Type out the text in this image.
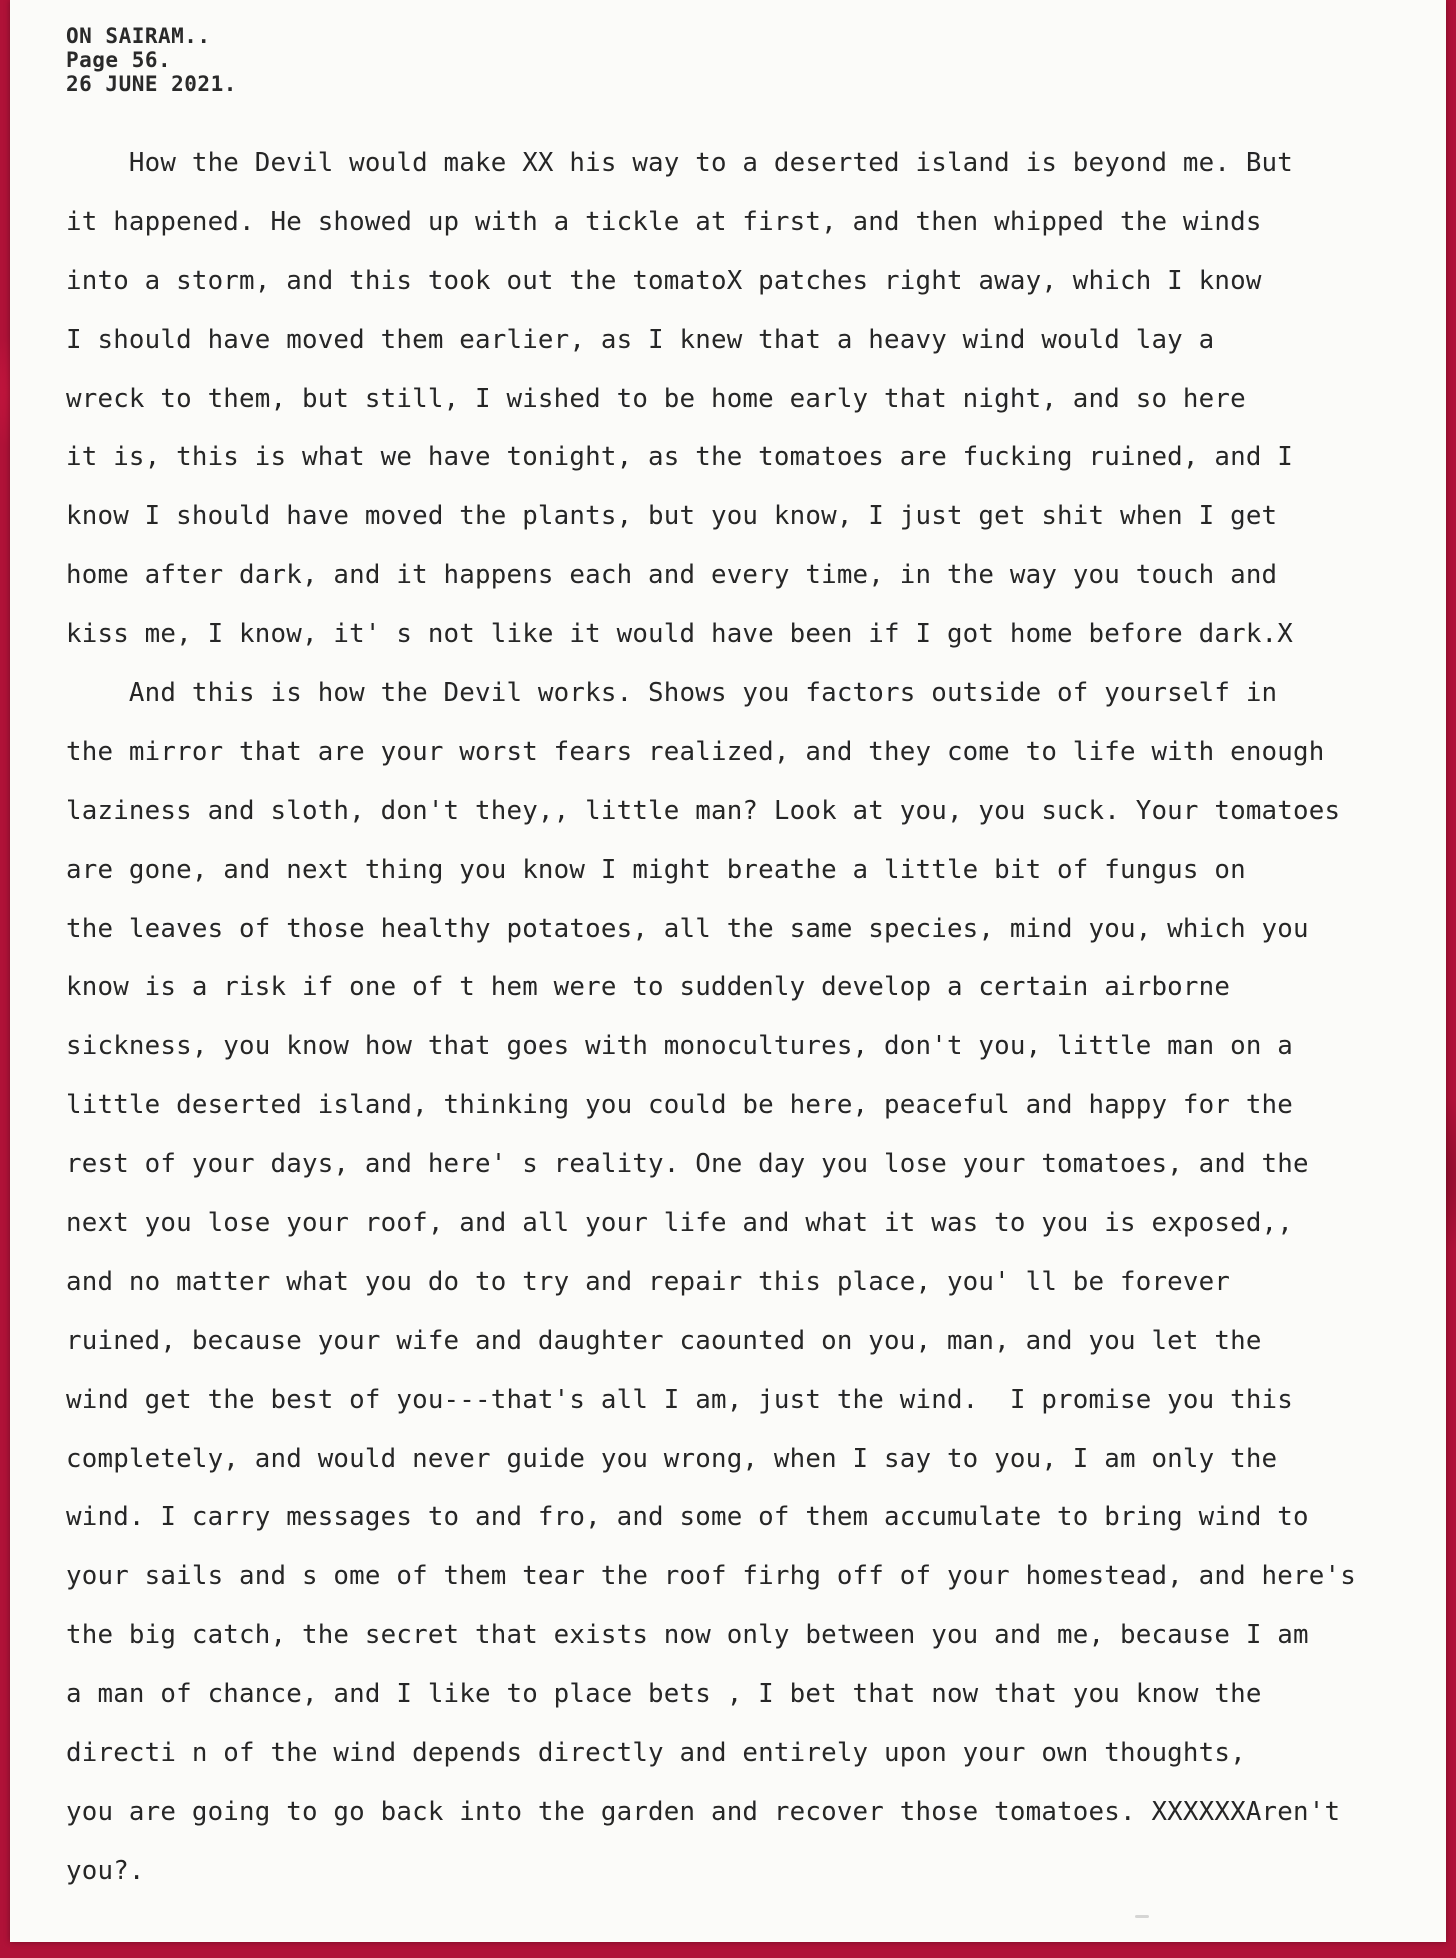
ON SAIRAM..
Page 56.
26 JUNE 2021.
How the Devil would make XX his way to a deserted island is beyond me. But
it happened. He showed up with a tickle at first, and then whipped the winds
into a storm, and this took out the tomatoX patches right away, which I know
I should have moved them earlier, as I knew that a heavy wind would lay a
wreck to them, but still, I wished to be home early that night, and so here
it is, this is what we have tonight, as the tomatoes are fucking ruined, and I
know I should have moved the plants, but you know, I just get shit when I get
home after dark, and it happens each and every time, in the way you touch and
kiss me, I know, it' s not like it would have been if I got home before dark.X
And this is how the Devil works. Shows you factors outside of yourself in
the mirror that are your worst fears realized, and they come to life with enough
laziness and sloth, don't they,, little man? Look at you, you suck. Your tomatoes
are gone, and next thing you know I might breathe a little bit of fungus on
the leaves of those healthy potatoes, all the same species, mind you, which you
know is a risk if one of t hem were to suddenly develop a certain airborne
sickness, you know how that goes with monocultures, don't you, little man on a
little deserted island, thinking you could be here, peaceful and happy for the
rest of your days, and here' s reality. One day you lose your tomatoes, and the
next you lose your roof, and all your life and what it was to you is exposed,,
and no matter what you do to try and repair this place, you' ll be forever
ruined, because your wife and daughter caounted on you, man, and you let the
wind get the best of you---that's all I am, just the wind.  I promise you this
completely, and would never guide you wrong, when I say to you, I am only the
wind. I carry messages to and fro, and some of them accumulate to bring wind to
your sails and s ome of them tear the roof firhg off of your homestead, and here's
the big catch, the secret that exists now only between you and me, because I am
a man of chance, and I like to place bets , I bet that now that you know the
directi n of the wind depends directly and entirely upon your own thoughts,
you are going to go back into the garden and recover those tomatoes. XXXXXXAren't
you?.
